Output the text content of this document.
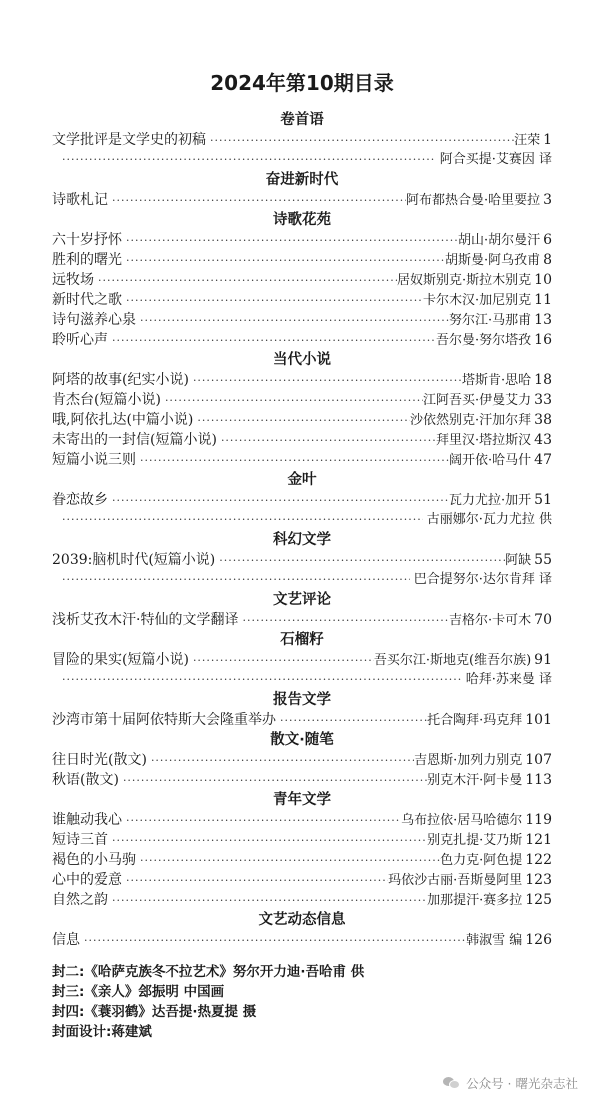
2024年第10期目录
卷首语
文学批评是文学史的初稿 ·····	汪荣 1
·····
阿合买提·艾赛因 译
奋进新时代
诗歌札记 ·····	阿布都热合曼·哈里要拉 3
诗歌花苑
六十岁抒怀 ·····	胡山·胡尔曼汗 6
胜利的曙光 ·····	胡斯曼·阿乌孜甫 8
远牧场 ·····	居奴斯别克·斯拉木别克 10
新时代之歌 ·····	卡尔木汉·加尼别克 11
诗句滋养心泉 ·····	努尔江·马那甫 13
聆听心声 ·····	吾尔曼·努尔塔孜 16
当代小说
阿塔的故事(纪实小说) ·····	塔斯肯·思哈 18
肯杰台(短篇小说) ·····	江阿吾买·伊曼艾力 33
哦,阿依扎达(中篇小说) ·····	沙依然别克·汗加尔拜 38
未寄出的一封信(短篇小说) ·····	拜里汉·塔拉斯汉 43
短篇小说三则 ·····	阔开依·哈马什 47
金叶
眷恋故乡 ·····	瓦力尤拉·加开 51
·····
古丽娜尔·瓦力尤拉 供
科幻文学
2039:脑机时代(短篇小说) ·····	阿缺 55
·····
巴合提努尔·达尔肯拜 译
文艺评论
浅析艾孜木汗·特仙的文学翻译 ·····	吉格尔·卡可木 70
石榴籽
冒险的果实(短篇小说) ·····	吾买尔江·斯地克(维吾尔族) 91
·····
哈拜·苏来曼 译
报告文学
沙湾市第十届阿依特斯大会隆重举办 ·····	托合陶拜·玛克拜 101
散文·随笔
往日时光(散文) ·····	吉恩斯·加列力别克 107
秋语(散文) ·····	别克木汗·阿卡曼 113
青年文学
谁触动我心 ·····	乌布拉依·居马哈德尔 119
短诗三首 ·····	别克扎提·艾乃斯 121
褐色的小马驹 ·····	色力克·阿色提 122
心中的爱意 ·····	玛依沙古丽·吾斯曼阿里 123
自然之韵 ·····	加那提汗·赛多拉 125
文艺动态信息
信息 ·····	韩淑雪 编 126
封二:《哈萨克族冬不拉艺术》努尔开力迪·吾哈甫 供
封三:《亲人》郐振明 中国画
封四:《蓑羽鹤》达吾提·热夏提 摄
封面设计:蒋建斌
公众号 · 曙光杂志社
